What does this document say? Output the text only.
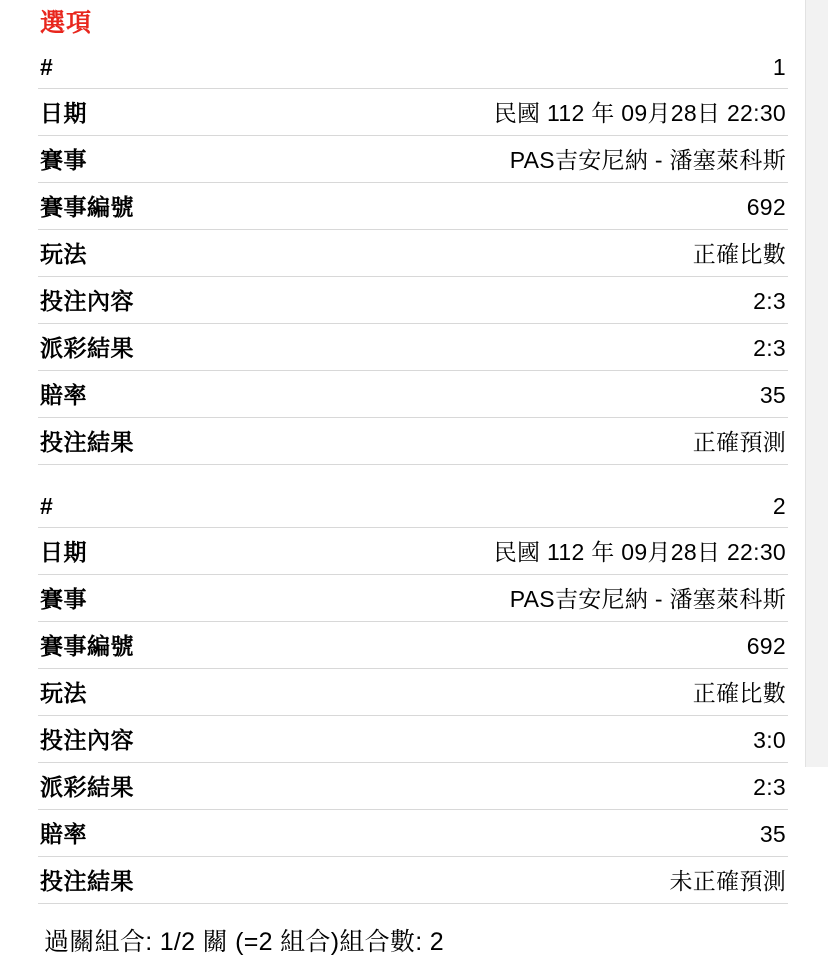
選項
#	1
日期	民國 112 年 09月28日 22:30
賽事	PAS吉安尼納 - 潘塞萊科斯
賽事編號	692
玩法	正確比數
投注內容	2:3
派彩結果	2:3
賠率	35
投注結果	正確預測
#	2
日期	民國 112 年 09月28日 22:30
賽事	PAS吉安尼納 - 潘塞萊科斯
賽事編號	692
玩法	正確比數
投注內容	3:0
派彩結果	2:3
賠率	35
投注結果	未正確預測
過關組合: 1/2 關 (=2 組合)組合數: 2
